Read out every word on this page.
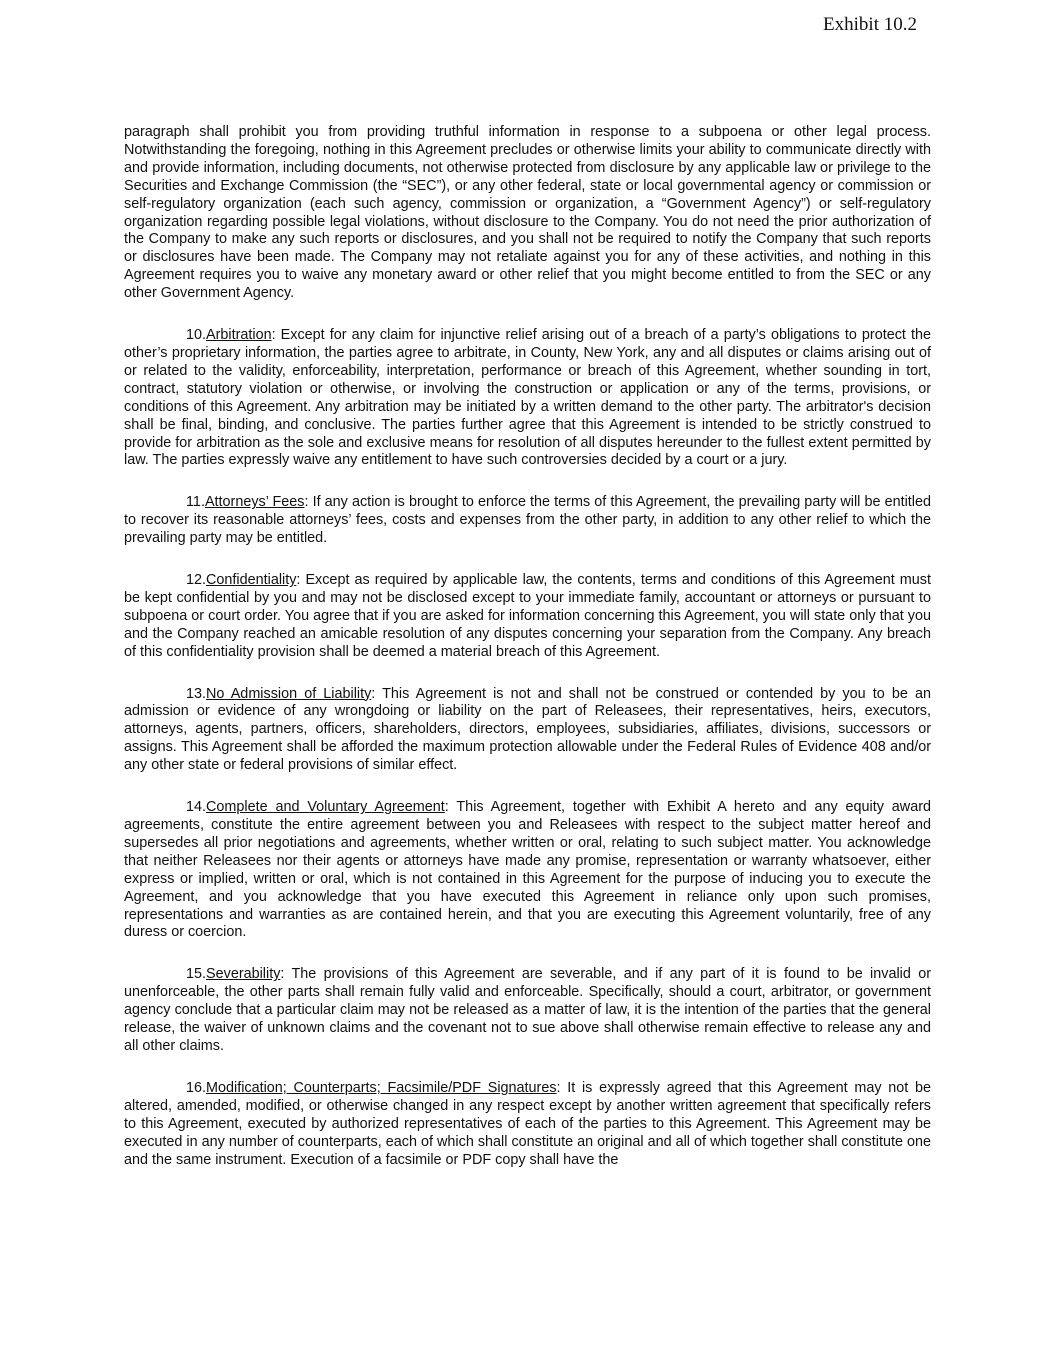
Exhibit 10.2

paragraph shall prohibit you from providing truthful information in response to a subpoena or other legal process. Notwithstanding the foregoing, nothing in this Agreement precludes or otherwise limits your ability to communicate directly with and provide information, including documents, not otherwise protected from disclosure by any applicable law or privilege to the Securities and Exchange Commission (the “SEC”), or any other federal, state or local governmental agency or commission or self-regulatory organization (each such agency, commission or organization, a “Government Agency”) or self-regulatory organization regarding possible legal violations, without disclosure to the Company. You do not need the prior authorization of the Company to make any such reports or disclosures, and you shall not be required to notify the Company that such reports or disclosures have been made. The Company may not retaliate against you for any of these activities, and nothing in this Agreement requires you to waive any monetary award or other relief that you might become entitled to from the SEC or any other Government Agency.

10.Arbitration: Except for any claim for injunctive relief arising out of a breach of a party’s obligations to protect the other’s proprietary information, the parties agree to arbitrate, in County, New York, any and all disputes or claims arising out of or related to the validity, enforceability, interpretation, performance or breach of this Agreement, whether sounding in tort, contract, statutory violation or otherwise, or involving the construction or application or any of the terms, provisions, or conditions of this Agreement. Any arbitration may be initiated by a written demand to the other party. The arbitrator's decision shall be final, binding, and conclusive. The parties further agree that this Agreement is intended to be strictly construed to provide for arbitration as the sole and exclusive means for resolution of all disputes hereunder to the fullest extent permitted by law. The parties expressly waive any entitlement to have such controversies decided by a court or a jury.

11.Attorneys’ Fees: If any action is brought to enforce the terms of this Agreement, the prevailing party will be entitled to recover its reasonable attorneys’ fees, costs and expenses from the other party, in addition to any other relief to which the prevailing party may be entitled.

12.Confidentiality: Except as required by applicable law, the contents, terms and conditions of this Agreement must be kept confidential by you and may not be disclosed except to your immediate family, accountant or attorneys or pursuant to subpoena or court order. You agree that if you are asked for information concerning this Agreement, you will state only that you and the Company reached an amicable resolution of any disputes concerning your separation from the Company. Any breach of this confidentiality provision shall be deemed a material breach of this Agreement.

13.No Admission of Liability: This Agreement is not and shall not be construed or contended by you to be an admission or evidence of any wrongdoing or liability on the part of Releasees, their representatives, heirs, executors, attorneys, agents, partners, officers, shareholders, directors, employees, subsidiaries, affiliates, divisions, successors or assigns. This Agreement shall be afforded the maximum protection allowable under the Federal Rules of Evidence 408 and/or any other state or federal provisions of similar effect.

14.Complete and Voluntary Agreement: This Agreement, together with Exhibit A hereto and any equity award agreements, constitute the entire agreement between you and Releasees with respect to the subject matter hereof and supersedes all prior negotiations and agreements, whether written or oral, relating to such subject matter. You acknowledge that neither Releasees nor their agents or attorneys have made any promise, representation or warranty whatsoever, either express or implied, written or oral, which is not contained in this Agreement for the purpose of inducing you to execute the Agreement, and you acknowledge that you have executed this Agreement in reliance only upon such promises, representations and warranties as are contained herein, and that you are executing this Agreement voluntarily, free of any duress or coercion.

15.Severability: The provisions of this Agreement are severable, and if any part of it is found to be invalid or unenforceable, the other parts shall remain fully valid and enforceable. Specifically, should a court, arbitrator, or government agency conclude that a particular claim may not be released as a matter of law, it is the intention of the parties that the general release, the waiver of unknown claims and the covenant not to sue above shall otherwise remain effective to release any and all other claims.

16.Modification; Counterparts; Facsimile/PDF Signatures: It is expressly agreed that this Agreement may not be altered, amended, modified, or otherwise changed in any respect except by another written agreement that specifically refers to this Agreement, executed by authorized representatives of each of the parties to this Agreement. This Agreement may be executed in any number of counterparts, each of which shall constitute an original and all of which together shall constitute one and the same instrument. Execution of a facsimile or PDF copy shall have the
